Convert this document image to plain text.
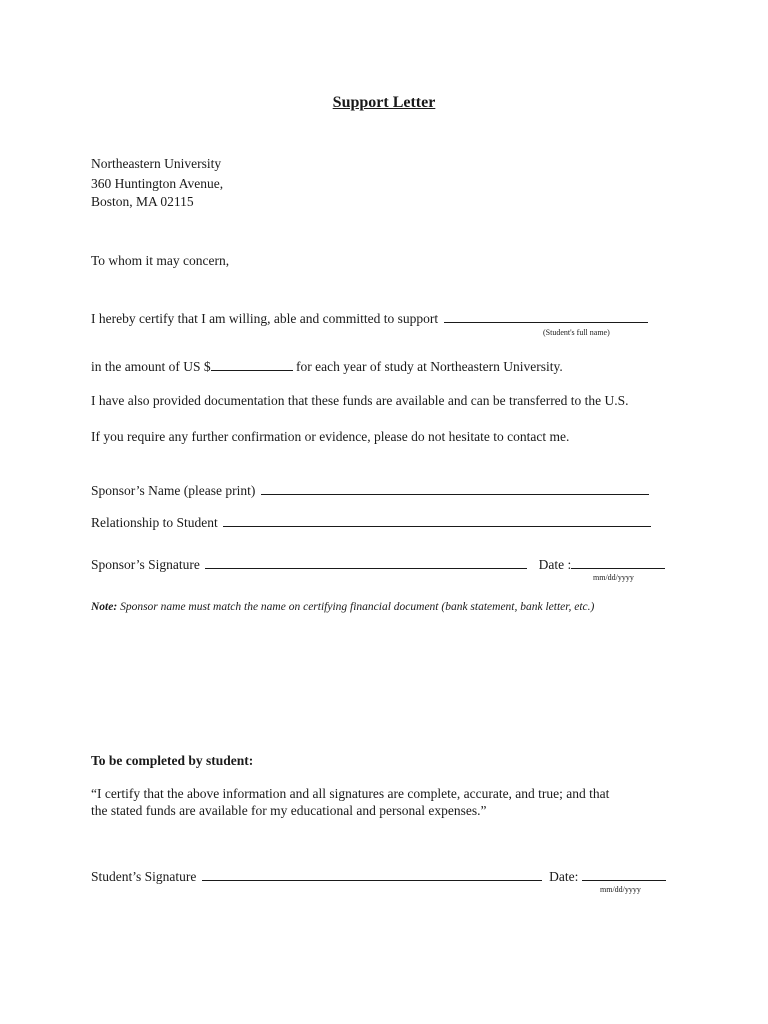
Support Letter
Northeastern University
360 Huntington Avenue,
Boston, MA 02115
To whom it may concern,
I hereby certify that I am willing, able and committed to support
(Student's full name)
in the amount of US $	for each year of study at Northeastern University.
I have also provided documentation that these funds are available and can be transferred to the U.S.
If you require any further confirmation or evidence, please do not hesitate to contact me.
Sponsor’s Name (please print)
Relationship to Student
Sponsor’s Signature	Date :
mm/dd/yyyy
Note: Sponsor name must match the name on certifying financial document (bank statement, bank letter, etc.)
To be completed by student:
“I certify that the above information and all signatures are complete, accurate, and true; and that
the stated funds are available for my educational and personal expenses.”
Student’s Signature	Date:
mm/dd/yyyy
